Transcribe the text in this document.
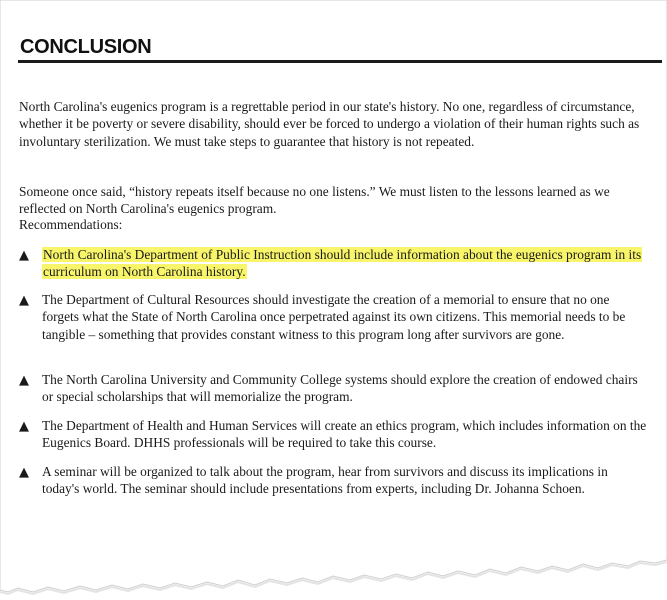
CONCLUSION

North Carolina's eugenics program is a regrettable period in our state's history. No one, regardless of circumstance, whether it be poverty or severe disability, should ever be forced to undergo a violation of their human rights such as involuntary sterilization. We must take steps to guarantee that history is not repeated.

Someone once said, “history repeats itself because no one listens.” We must listen to the lessons learned as we reflected on North Carolina's eugenics program.

Recommendations:

▲ North Carolina's Department of Public Instruction should include information about the eugenics program in its curriculum on North Carolina history.
▲ The Department of Cultural Resources should investigate the creation of a memorial to ensure that no one forgets what the State of North Carolina once perpetrated against its own citizens. This memorial needs to be tangible – something that provides constant witness to this program long after survivors are gone.
▲ The North Carolina University and Community College systems should explore the creation of endowed chairs or special scholarships that will memorialize the program.
▲ The Department of Health and Human Services will create an ethics program, which includes information on the Eugenics Board. DHHS professionals will be required to take this course.
▲ A seminar will be organized to talk about the program, hear from survivors and discuss its implications in today's world. The seminar should include presentations from experts, including Dr. Johanna Schoen.
